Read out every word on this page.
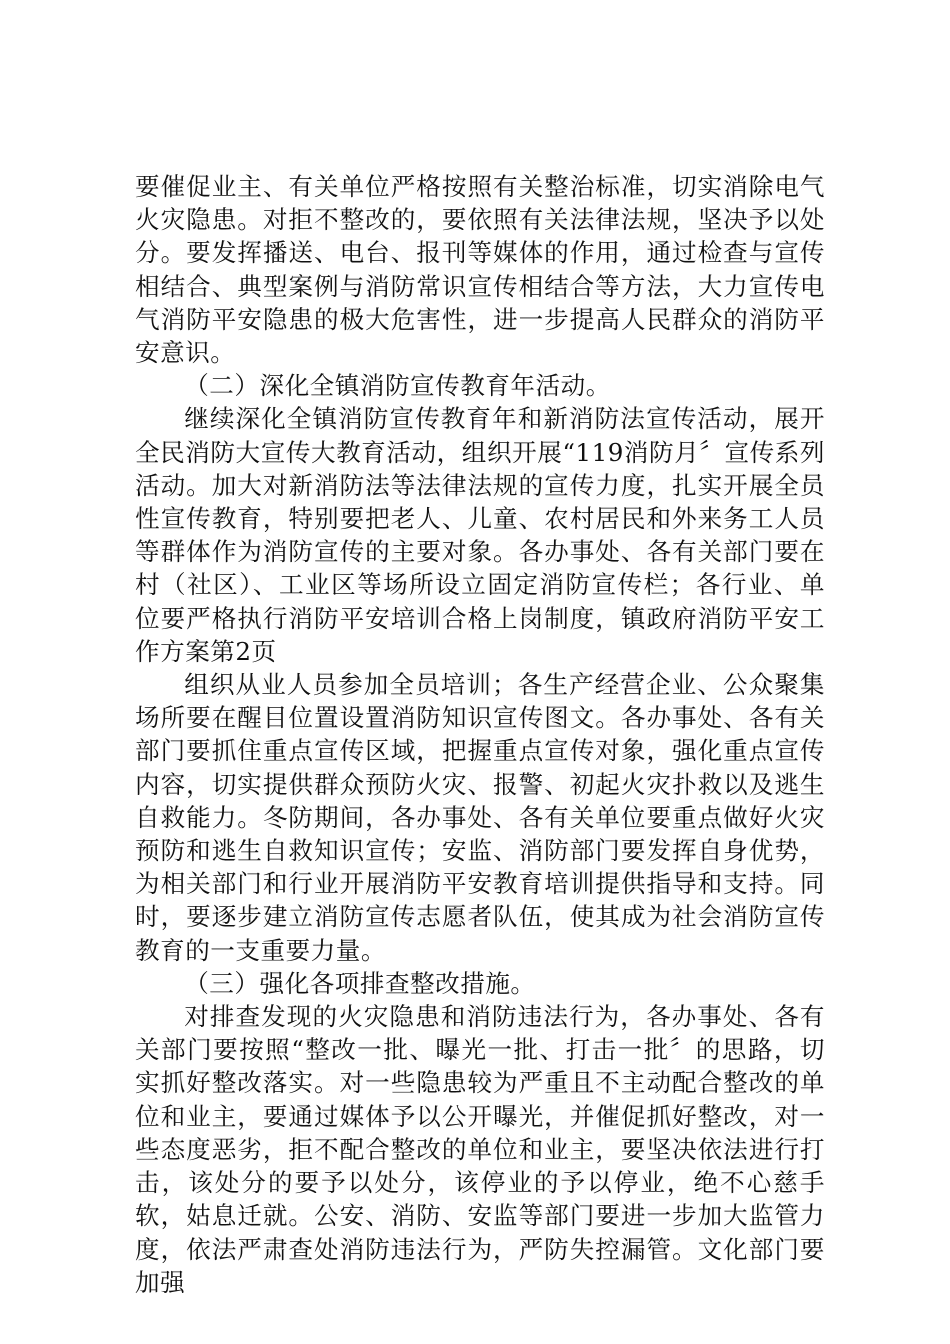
要催促业主、有关单位严格按照有关整治标准，切实消除电气火灾隐患。对拒不整改的，要依照有关法律法规，坚决予以处分。要发挥播送、电台、报刊等媒体的作用，通过检查与宣传相结合、典型案例与消防常识宣传相结合等方法，大力宣传电气消防平安隐患的极大危害性，进一步提高人民群众的消防平安意识。

（二）深化全镇消防宣传教育年活动。

继续深化全镇消防宣传教育年和新消防法宣传活动，展开全民消防大宣传大教育活动，组织开展“119消防月〞宣传系列活动。加大对新消防法等法律法规的宣传力度，扎实开展全员性宣传教育，特别要把老人、儿童、农村居民和外来务工人员等群体作为消防宣传的主要对象。各办事处、各有关部门要在村（社区）、工业区等场所设立固定消防宣传栏；各行业、单位要严格执行消防平安培训合格上岗制度，镇政府消防平安工作方案第2页

组织从业人员参加全员培训；各生产经营企业、公众聚集场所要在醒目位置设置消防知识宣传图文。各办事处、各有关部门要抓住重点宣传区域，把握重点宣传对象，强化重点宣传内容，切实提供群众预防火灾、报警、初起火灾扑救以及逃生自救能力。冬防期间，各办事处、各有关单位要重点做好火灾预防和逃生自救知识宣传；安监、消防部门要发挥自身优势，为相关部门和行业开展消防平安教育培训提供指导和支持。同时，要逐步建立消防宣传志愿者队伍，使其成为社会消防宣传教育的一支重要力量。

（三）强化各项排查整改措施。

对排查发现的火灾隐患和消防违法行为，各办事处、各有关部门要按照“整改一批、曝光一批、打击一批〞的思路，切实抓好整改落实。对一些隐患较为严重且不主动配合整改的单位和业主，要通过媒体予以公开曝光，并催促抓好整改，对一些态度恶劣，拒不配合整改的单位和业主，要坚决依法进行打击，该处分的要予以处分，该停业的予以停业，绝不心慈手软，姑息迁就。公安、消防、安监等部门要进一步加大监管力度，依法严肃查处消防违法行为，严防失控漏管。文化部门要加强
